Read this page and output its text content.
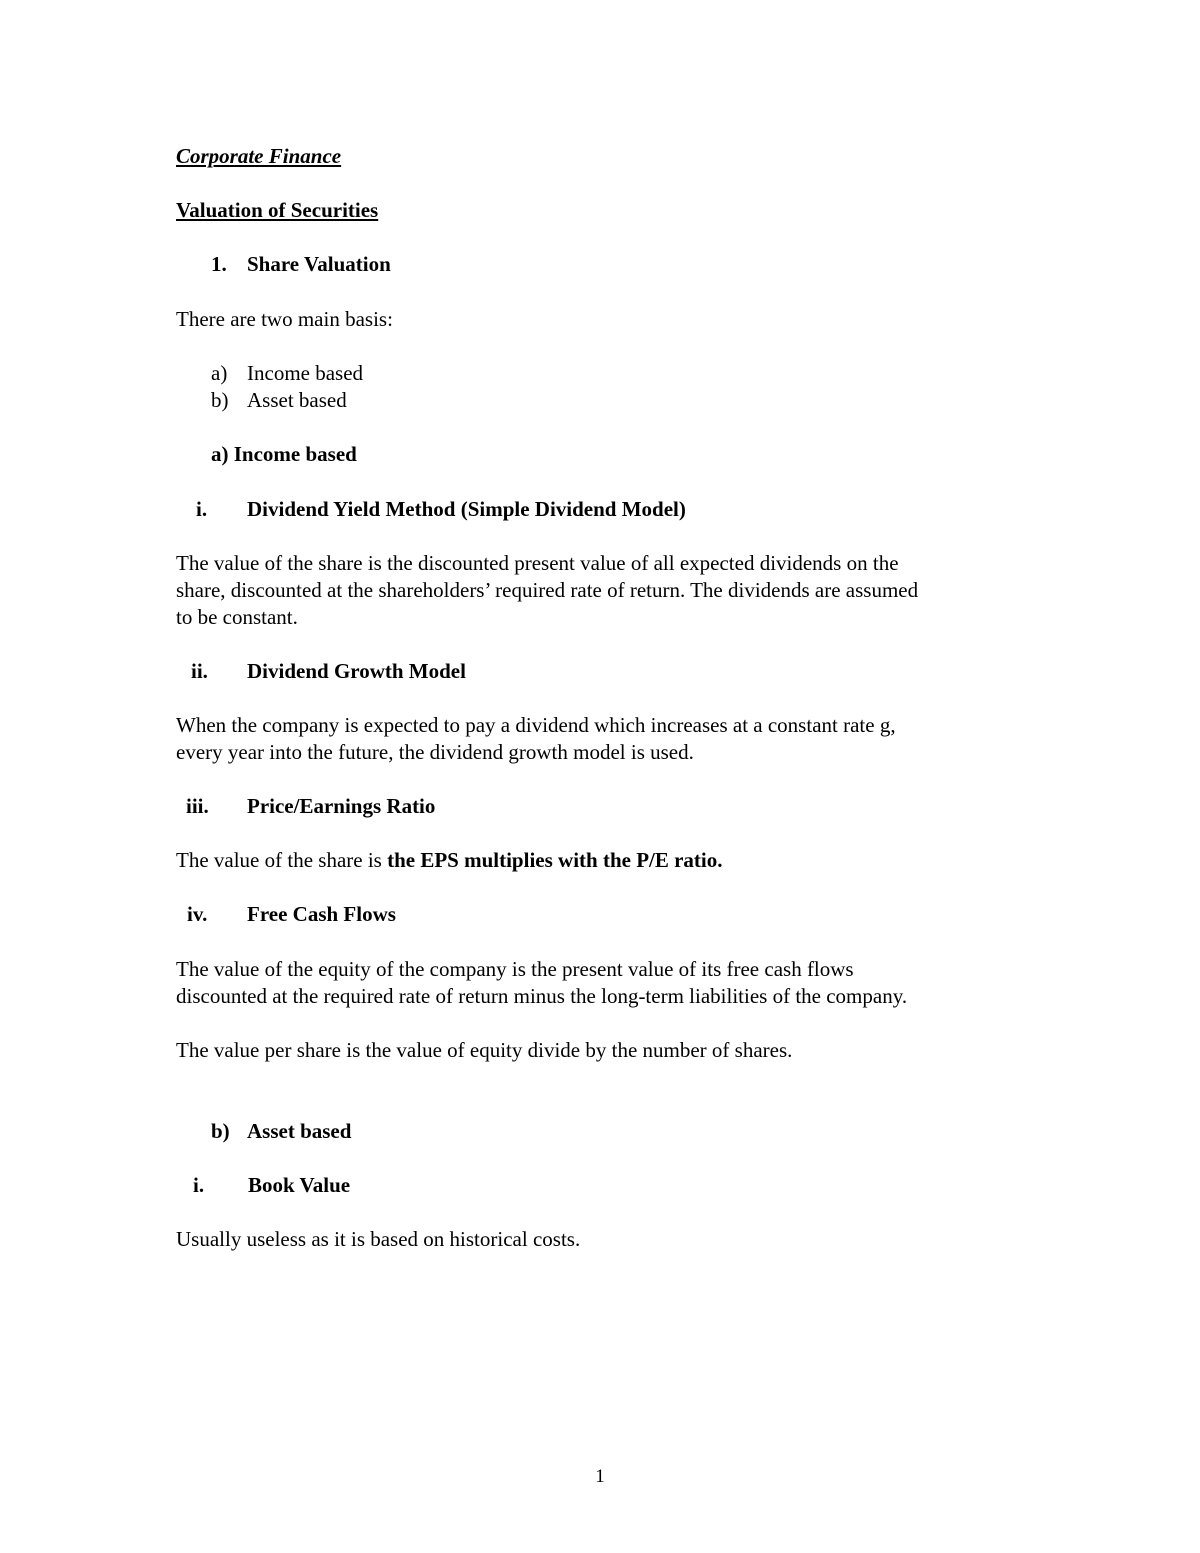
Corporate Finance
Valuation of Securities
1. Share Valuation
There are two main basis:
a) Income based
b) Asset based
a) Income based
i. Dividend Yield Method (Simple Dividend Model)
The value of the share is the discounted present value of all expected dividends on the
share, discounted at the shareholders’ required rate of return. The dividends are assumed
to be constant.
ii. Dividend Growth Model
When the company is expected to pay a dividend which increases at a constant rate g,
every year into the future, the dividend growth model is used.
iii. Price/Earnings Ratio
The value of the share is the EPS multiplies with the P/E ratio.
iv. Free Cash Flows
The value of the equity of the company is the present value of its free cash flows
discounted at the required rate of return minus the long-term liabilities of the company.
The value per share is the value of equity divide by the number of shares.
b) Asset based
i. Book Value
Usually useless as it is based on historical costs.
1
